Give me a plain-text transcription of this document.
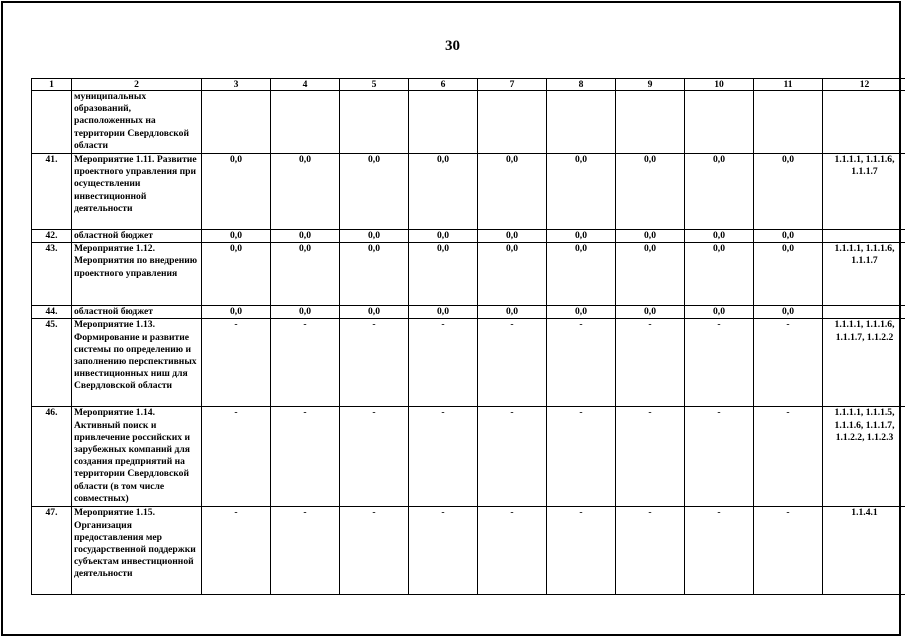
30
1	2	3	4	5	6	7	8	9	10	11	12
	муниципальных образований, расположенных на территории Свердловской области										
41.	Мероприятие 1.11. Развитие проектного управления при осуществлении инвестиционной деятельности	0,0	0,0	0,0	0,0	0,0	0,0	0,0	0,0	0,0	1.1.1.1, 1.1.1.6, 1.1.1.7
42.	областной бюджет	0,0	0,0	0,0	0,0	0,0	0,0	0,0	0,0	0,0	
43.	Мероприятие 1.12. Мероприятия по внедрению проектного управления	0,0	0,0	0,0	0,0	0,0	0,0	0,0	0,0	0,0	1.1.1.1, 1.1.1.6, 1.1.1.7
44.	областной бюджет	0,0	0,0	0,0	0,0	0,0	0,0	0,0	0,0	0,0	
45.	Мероприятие 1.13. Формирование и развитие системы по определению и заполнению перспективных инвестиционных ниш для Свердловской области	-	-	-	-	-	-	-	-	-	1.1.1.1, 1.1.1.6, 1.1.1.7, 1.1.2.2
46.	Мероприятие 1.14. Активный поиск и привлечение российских и зарубежных компаний для создания предприятий на территории Свердловской области (в том числе совместных)	-	-	-	-	-	-	-	-	-	1.1.1.1, 1.1.1.5, 1.1.1.6, 1.1.1.7, 1.1.2.2, 1.1.2.3
47.	Мероприятие 1.15. Организация предоставления мер государственной поддержки субъектам инвестиционной деятельности	-	-	-	-	-	-	-	-	-	1.1.4.1
